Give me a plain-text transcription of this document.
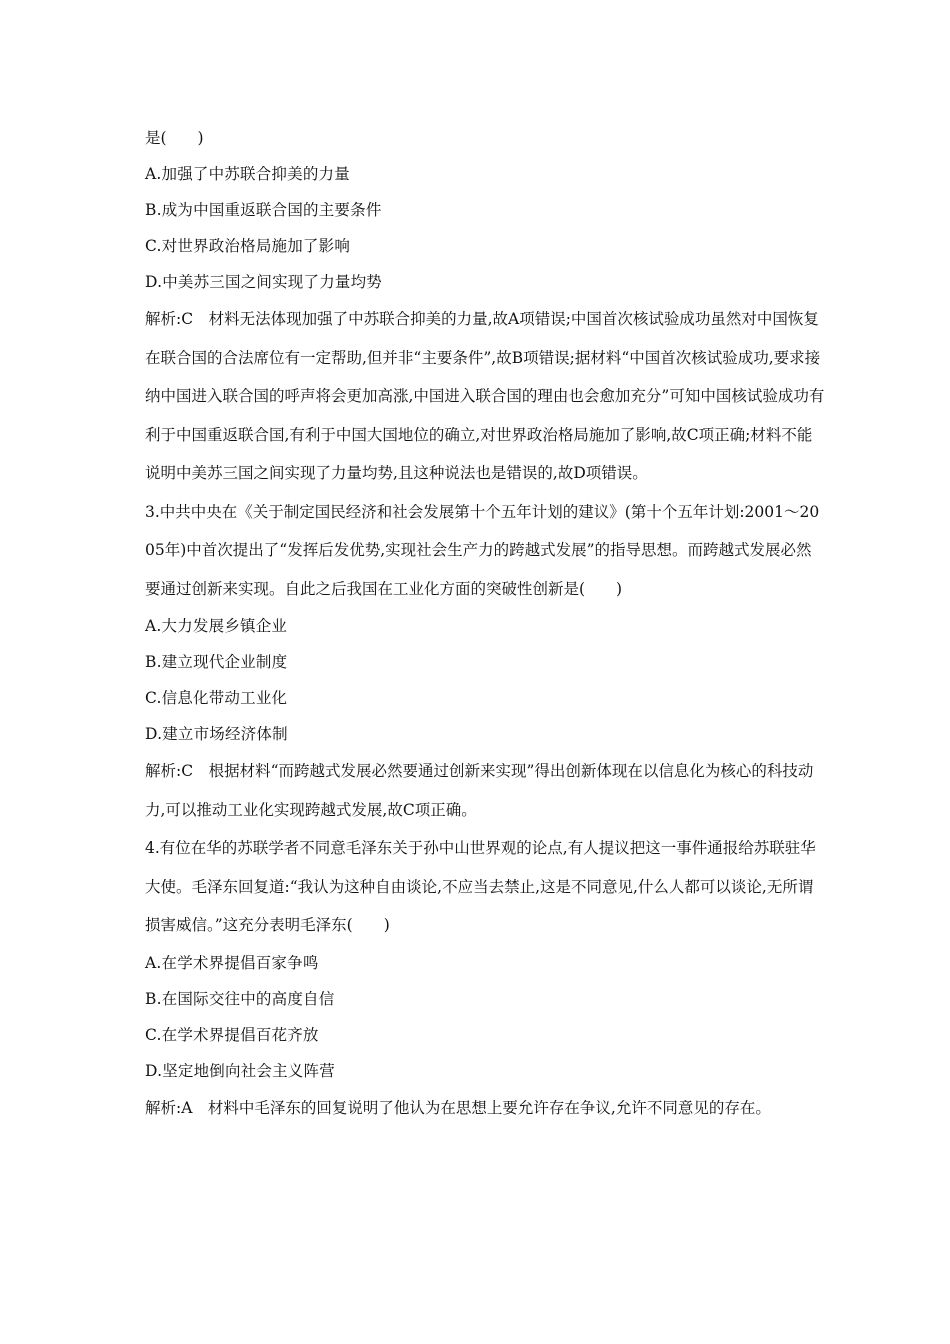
是(　　)
A.加强了中苏联合抑美的力量
B.成为中国重返联合国的主要条件
C.对世界政治格局施加了影响
D.中美苏三国之间实现了力量均势
解析:C　材料无法体现加强了中苏联合抑美的力量,故A项错误;中国首次核试验成功虽然对中国恢复在联合国的合法席位有一定帮助,但并非“主要条件”,故B项错误;据材料“中国首次核试验成功,要求接纳中国进入联合国的呼声将会更加高涨,中国进入联合国的理由也会愈加充分”可知中国核试验成功有利于中国重返联合国,有利于中国大国地位的确立,对世界政治格局施加了影响,故C项正确;材料不能说明中美苏三国之间实现了力量均势,且这种说法也是错误的,故D项错误。
3.中共中央在《关于制定国民经济和社会发展第十个五年计划的建议》(第十个五年计划:2001～2005年)中首次提出了“发挥后发优势,实现社会生产力的跨越式发展”的指导思想。而跨越式发展必然要通过创新来实现。自此之后我国在工业化方面的突破性创新是(　　)
A.大力发展乡镇企业
B.建立现代企业制度
C.信息化带动工业化
D.建立市场经济体制
解析:C　根据材料“而跨越式发展必然要通过创新来实现”得出创新体现在以信息化为核心的科技动力,可以推动工业化实现跨越式发展,故C项正确。
4.有位在华的苏联学者不同意毛泽东关于孙中山世界观的论点,有人提议把这一事件通报给苏联驻华大使。毛泽东回复道:“我认为这种自由谈论,不应当去禁止,这是不同意见,什么人都可以谈论,无所谓损害威信。”这充分表明毛泽东(　　)
A.在学术界提倡百家争鸣
B.在国际交往中的高度自信
C.在学术界提倡百花齐放
D.坚定地倒向社会主义阵营
解析:A　材料中毛泽东的回复说明了他认为在思想上要允许存在争议,允许不同意见的存在。
